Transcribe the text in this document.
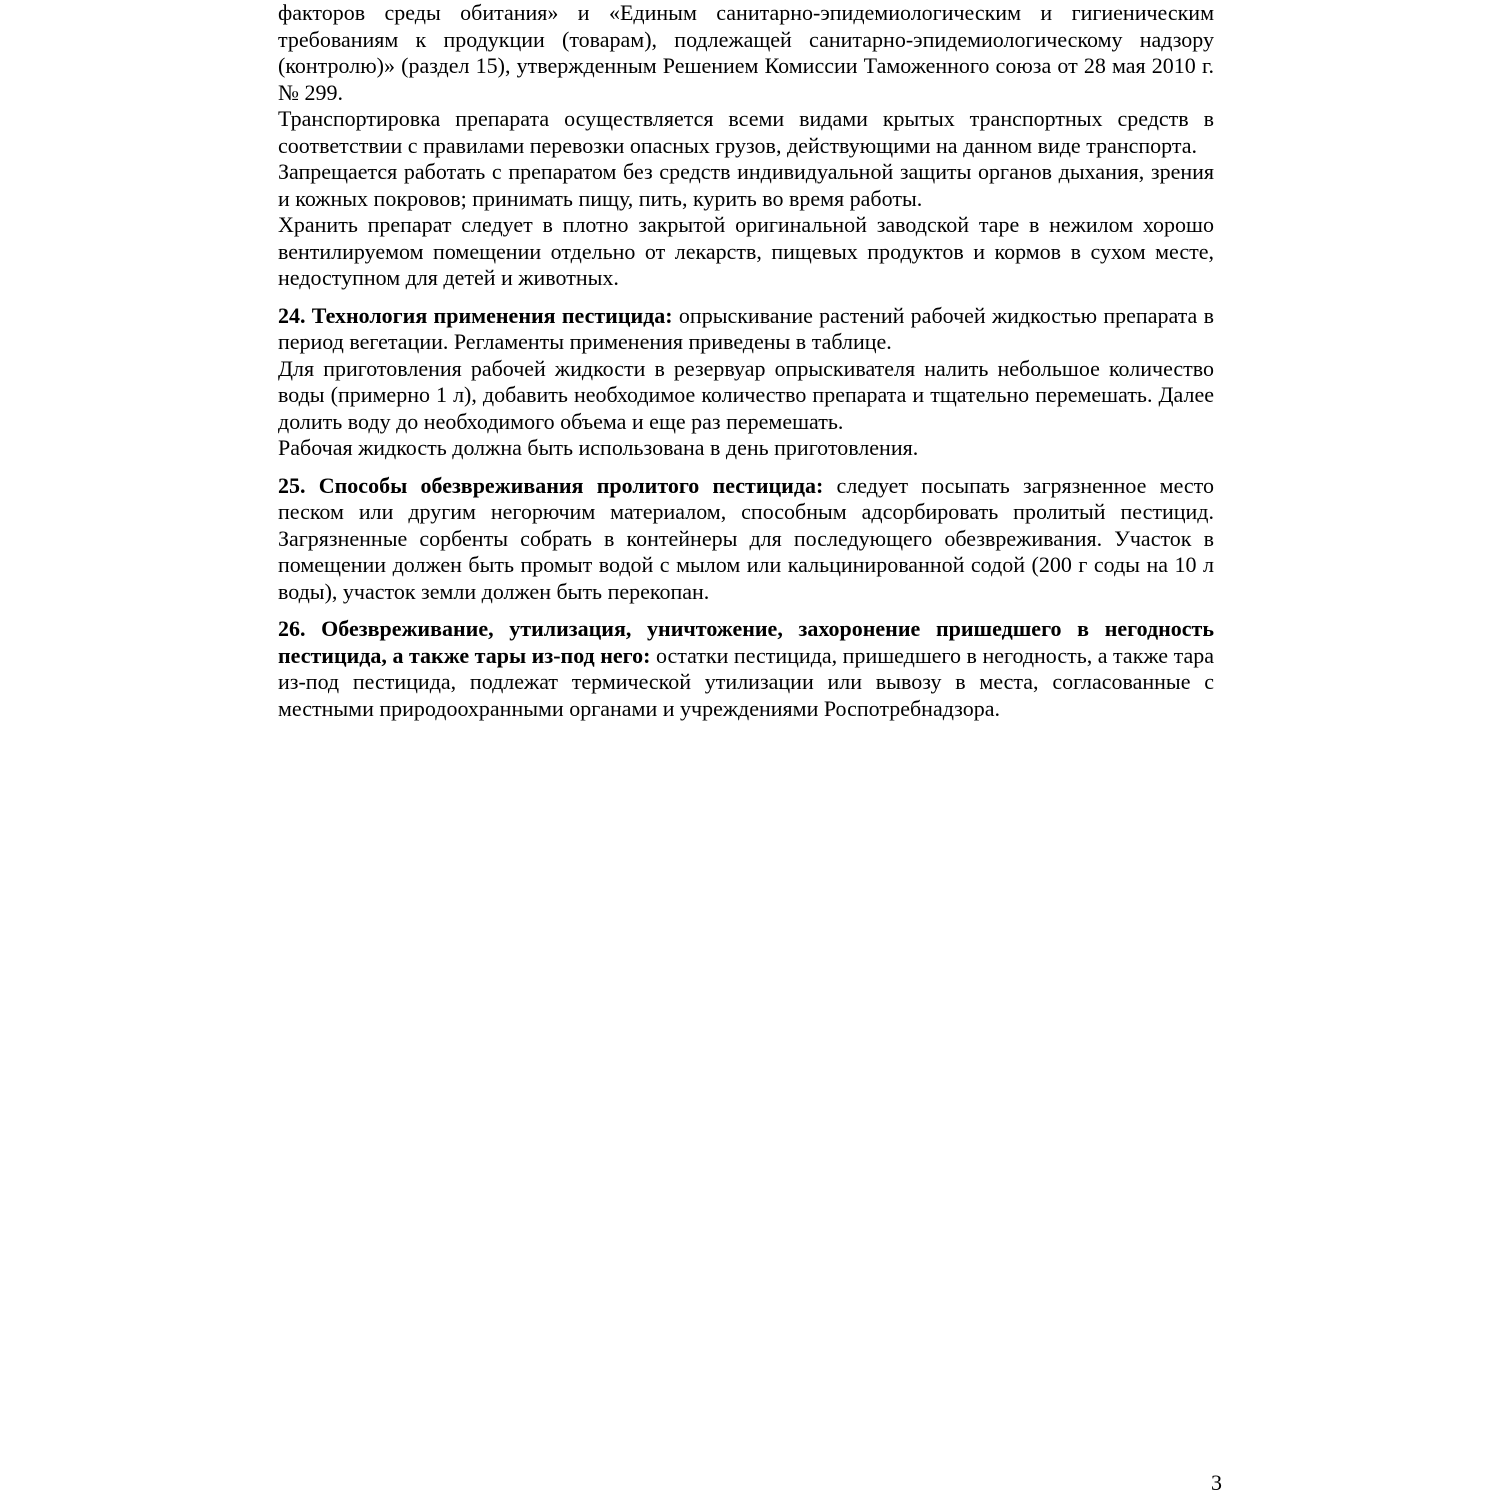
факторов среды обитания» и «Единым санитарно-эпидемиологическим и гигиеническим требованиям к продукции (товарам), подлежащей санитарно-эпидемиологическому надзору (контролю)» (раздел 15), утвержденным Решением Комиссии Таможенного союза от 28 мая 2010 г. № 299.

Транспортировка препарата осуществляется всеми видами крытых транспортных средств в соответствии с правилами перевозки опасных грузов, действующими на данном виде транспорта.

Запрещается работать с препаратом без средств индивидуальной защиты органов дыхания, зрения и кожных покровов; принимать пищу, пить, курить во время работы.

Хранить препарат следует в плотно закрытой оригинальной заводской таре в нежилом хорошо вентилируемом помещении отдельно от лекарств, пищевых продуктов и кормов в сухом месте, недоступном для детей и животных.

24. Технология применения пестицида: опрыскивание растений рабочей жидкостью препарата в период вегетации. Регламенты применения приведены в таблице.

Для приготовления рабочей жидкости в резервуар опрыскивателя налить небольшое количество воды (примерно 1 л), добавить необходимое количество препарата и тщательно перемешать. Далее долить воду до необходимого объема и еще раз перемешать.

Рабочая жидкость должна быть использована в день приготовления.

25. Способы обезвреживания пролитого пестицида: следует посыпать загрязненное место песком или другим негорючим материалом, способным адсорбировать пролитый пестицид. Загрязненные сорбенты собрать в контейнеры для последующего обезвреживания. Участок в помещении должен быть промыт водой с мылом или кальцинированной содой (200 г соды на 10 л воды), участок земли должен быть перекопан.

26. Обезвреживание, утилизация, уничтожение, захоронение пришедшего в негодность пестицида, а также тары из-под него: остатки пестицида, пришедшего в негодность, а также тара из-под пестицида, подлежат термической утилизации или вывозу в места, согласованные с местными природоохранными органами и учреждениями Роспотребнадзора.

3
